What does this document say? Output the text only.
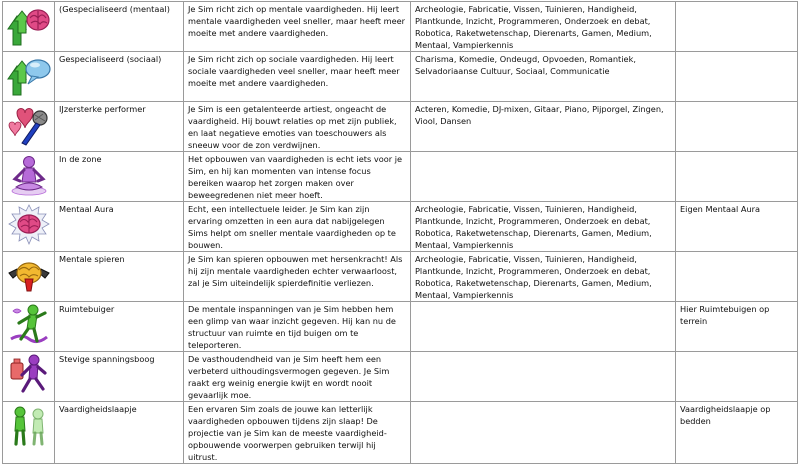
	(Gespecialiseerd (mentaal)	Je Sim richt zich op mentale vaardigheden. Hij leert mentale vaardigheden veel sneller, maar heeft meer moeite met andere vaardigheden.	Archeologie, Fabricatie, Vissen, Tuinieren, Handigheid, Plantkunde, Inzicht, Programmeren, Onderzoek en debat, Robotica, Raketwetenschap, Dierenarts, Gamen, Medium, Mentaal, Vampierkennis	

	Gespecialiseerd (sociaal)	Je Sim richt zich op sociale vaardigheden. Hij leert sociale vaardigheden veel sneller, maar heeft meer moeite met andere vaardigheden.	Charisma, Komedie, Ondeugd, Opvoeden, Romantiek, Selvadoriaanse Cultuur, Sociaal, Communicatie	

	IJzersterke performer	Je Sim is een getalenteerde artiest, ongeacht de vaardigheid. Hij bouwt relaties op met zijn publiek, en laat negatieve emoties van toeschouwers als sneeuw voor de zon verdwijnen.	Acteren, Komedie, DJ-mixen, Gitaar, Piano, Pijporgel, Zingen, Viool, Dansen	

	In de zone	Het opbouwen van vaardigheden is echt iets voor je Sim, en hij kan momenten van intense focus bereiken waarop het zorgen maken over beweegredenen niet meer hoeft.		

	Mentaal Aura	Echt, een intellectuele leider. Je Sim kan zijn ervaring omzetten in een aura dat nabijgelegen Sims helpt om sneller mentale vaardigheden op te bouwen.	Archeologie, Fabricatie, Vissen, Tuinieren, Handigheid, Plantkunde, Inzicht, Programmeren, Onderzoek en debat, Robotica, Raketwetenschap, Dierenarts, Gamen, Medium, Mentaal, Vampierkennis	Eigen Mentaal Aura

	Mentale spieren	Je Sim kan spieren opbouwen met hersenkracht! Als hij zijn mentale vaardigheden echter verwaarloost, zal je Sim uiteindelijk spierdefinitie verliezen.	Archeologie, Fabricatie, Vissen, Tuinieren, Handigheid, Plantkunde, Inzicht, Programmeren, Onderzoek en debat, Robotica, Raketwetenschap, Dierenarts, Gamen, Medium, Mentaal, Vampierkennis	

	Ruimtebuiger	De mentale inspanningen van je Sim hebben hem een glimp van waar inzicht gegeven. Hij kan nu de structuur van ruimte en tijd buigen om te teleporteren.		Hier Ruimtebuigen op terrein

	Stevige spanningsboog	De vasthoudendheid van je Sim heeft hem een verbeterd uithoudingsvermogen gegeven. Je Sim raakt erg weinig energie kwijt en wordt nooit gevaarlijk moe.		

	Vaardigheidslaapje	Een ervaren Sim zoals de jouwe kan letterlijk vaardigheden opbouwen tijdens zijn slaap! De projectie van je Sim kan de meeste vaardigheid-opbouwende voorwerpen gebruiken terwijl hij uitrust.		Vaardigheidslaapje op bedden
